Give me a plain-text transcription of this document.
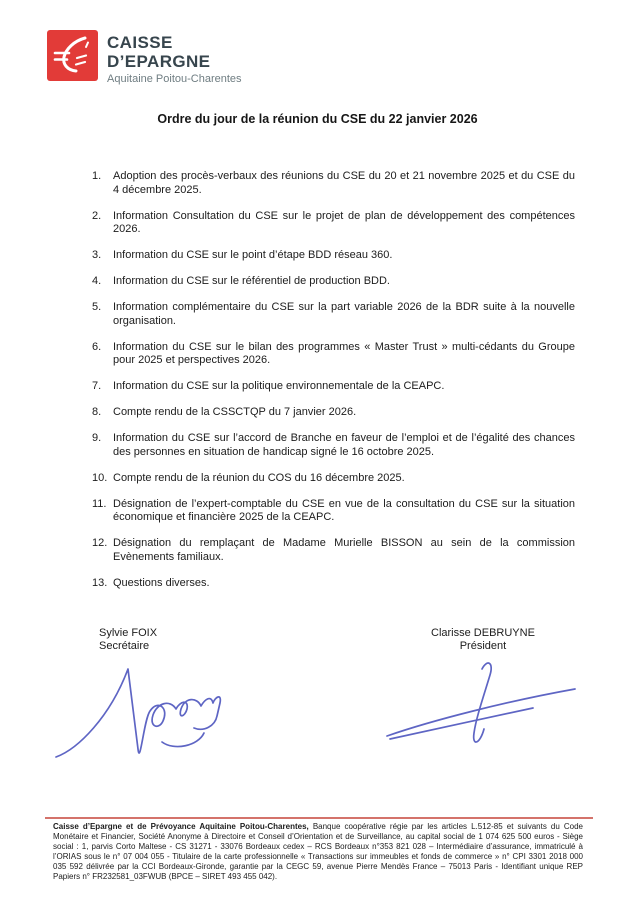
CAISSE
D’EPARGNE
Aquitaine Poitou-Charentes
Ordre du jour de la réunion du CSE du 22 janvier 2026
1.	Adoption des procès-verbaux des réunions du CSE du 20 et 21 novembre 2025 et du CSE du 4 décembre 2025.
2.	Information Consultation du CSE sur le projet de plan de développement des compétences 2026.
3.	Information du CSE sur le point d’étape BDD réseau 360.
4.	Information du CSE sur le référentiel de production BDD.
5.	Information complémentaire du CSE sur la part variable 2026 de la BDR suite à la nouvelle organisation.
6.	Information du CSE sur le bilan des programmes « Master Trust » multi-cédants du Groupe pour 2025 et perspectives 2026.
7.	Information du CSE sur la politique environnementale de la CEAPC.
8.	Compte rendu de la CSSCTQP du 7 janvier 2026.
9.	Information du CSE sur l’accord de Branche en faveur de l’emploi et de l’égalité des chances des personnes en situation de handicap signé le 16 octobre 2025.
10. Compte rendu de la réunion du COS du 16 décembre 2025.
11. Désignation de l’expert-comptable du CSE en vue de la consultation du CSE sur la situation économique et financière 2025 de la CEAPC.
12. Désignation du remplaçant de Madame Murielle BISSON au sein de la commission Evènements familiaux.
13. Questions diverses.
Sylvie FOIX
Secrétaire
Clarisse DEBRUYNE
Président

Caisse d’Epargne et de Prévoyance Aquitaine Poitou-Charentes, Banque coopérative régie par les articles L.512-85 et suivants du Code Monétaire et Financier, Société Anonyme à Directoire et Conseil d’Orientation et de Surveillance, au capital social de 1 074 625 500 euros - Siège social : 1, parvis Corto Maltese - CS 31271 - 33076 Bordeaux cedex – RCS Bordeaux n°353 821 028 – Intermédiaire d’assurance, immatriculé à l’ORIAS sous le n° 07 004 055 - Titulaire de la carte professionnelle « Transactions sur immeubles et fonds de commerce » n° CPI 3301 2018 000 035 592 délivrée par la CCI Bordeaux-Gironde, garantie par la CEGC 59, avenue Pierre Mendès France – 75013 Paris - Identifiant unique REP Papiers n° FR232581_03FWUB (BPCE – SIRET 493 455 042).
